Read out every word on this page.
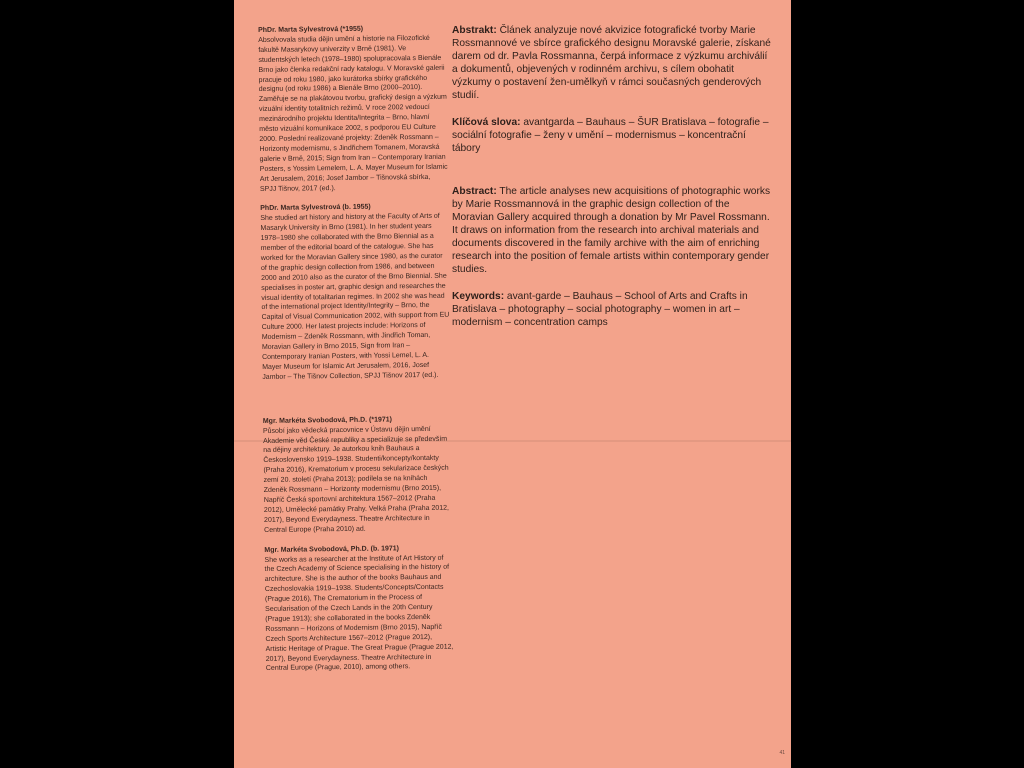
PhDr. Marta Sylvestrová (*1955)

Absolvovala studia dějin umění a historie na Filozofické fakultě Masarykovy univerzity v Brně (1981). Ve studentských letech (1978–1980) spolupracovala s Bienále Brno jako členka redakční rady katalogu. V Moravské galerii pracuje od roku 1980, jako kurátorka sbírky grafického designu (od roku 1986) a Bienále Brno (2000–2010). Zaměřuje se na plakátovou tvorbu, grafický design a výzkum vizuální identity totalitních režimů. V roce 2002 vedoucí mezinárodního projektu Identita/Integrita – Brno, hlavní město vizuální komunikace 2002, s podporou EU Culture 2000. Poslední realizované projekty: Zdeněk Rossmann – Horizonty modernismu, s Jindřichem Tomanem, Moravská galerie v Brně, 2015; Sign from Iran – Contemporary Iranian Posters, s Yossim Lemelem, L. A. Mayer Museum for Islamic Art Jerusalem, 2016; Josef Jambor – Tišnovská sbírka, SPJJ Tišnov, 2017 (ed.).

PhDr. Marta Sylvestrová (b. 1955)

She studied art history and history at the Faculty of Arts of Masaryk University in Brno (1981). In her student years 1978–1980 she collaborated with the Brno Biennial as a member of the editorial board of the catalogue. She has worked for the Moravian Gallery since 1980, as the curator of the graphic design collection from 1986, and between 2000 and 2010 also as the curator of the Brno Biennial. She specialises in poster art, graphic design and researches the visual identity of totalitarian regimes. In 2002 she was head of the international project Identity/Integrity – Brno, the Capital of Visual Communication 2002, with support from EU Culture 2000. Her latest projects include: Horizons of Modernism – Zdeněk Rossmann, with Jindřich Toman, Moravian Gallery in Brno 2015, Sign from Iran – Contemporary Iranian Posters, with Yossi Lemel, L. A. Mayer Museum for Islamic Art Jerusalem, 2016, Josef Jambor – The Tišnov Collection, SPJJ Tišnov 2017 (ed.).

Mgr. Markéta Svobodová, Ph.D. (*1971)

Působí jako vědecká pracovnice v Ústavu dějin umění Akademie věd České republiky a specializuje se především na dějiny architektury. Je autorkou knih Bauhaus a Československo 1919–1938. Studenti/koncepty/kontakty (Praha 2016), Krematorium v procesu sekularizace českých zemí 20. století (Praha 2013); podílela se na knihách Zdeněk Rossmann – Horizonty modernismu (Brno 2015), Napříč Česká sportovní architektura 1567–2012 (Praha 2012), Umělecké památky Prahy. Velká Praha (Praha 2012, 2017), Beyond Everydayness. Theatre Architecture in Central Europe (Praha 2010) ad.

Mgr. Markéta Svobodová, Ph.D. (b. 1971)

She works as a researcher at the Institute of Art History of the Czech Academy of Science specialising in the history of architecture. She is the author of the books Bauhaus and Czechoslovakia 1919–1938. Students/Concepts/Contacts (Prague 2016), The Crematorium in the Process of Secularisation of the Czech Lands in the 20th Century (Prague 1913); she collaborated in the books Zdeněk Rossmann – Horizons of Modernism (Brno 2015), Napříč Czech Sports Architecture 1567–2012 (Prague 2012), Artistic Heritage of Prague. The Great Prague (Prague 2012, 2017), Beyond Everydayness. Theatre Architecture in Central Europe (Prague, 2010), among others.

Abstrakt: Článek analyzuje nové akvizice fotografické tvorby Marie Rossmannové ve sbírce grafického designu Moravské galerie, získané darem od dr. Pavla Rossmanna, čerpá informace z výzkumu archiválií a dokumentů, objevených v rodinném archivu, s cílem obohatit výzkumy o postavení žen-umělkyň v rámci současných genderových studií.

Klíčová slova: avantgarda – Bauhaus – ŠUR Bratislava – fotografie – sociální fotografie – ženy v umění – modernismus – koncentrační tábory

Abstract: The article analyses new acquisitions of photographic works by Marie Rossmannová in the graphic design collection of the Moravian Gallery acquired through a donation by Mr Pavel Rossmann. It draws on information from the research into archival materials and documents discovered in the family archive with the aim of enriching research into the position of female artists within contemporary gender studies.

Keywords: avant-garde – Bauhaus – School of Arts and Crafts in Bratislava – photography – social photography – women in art – modernism – concentration camps

41
